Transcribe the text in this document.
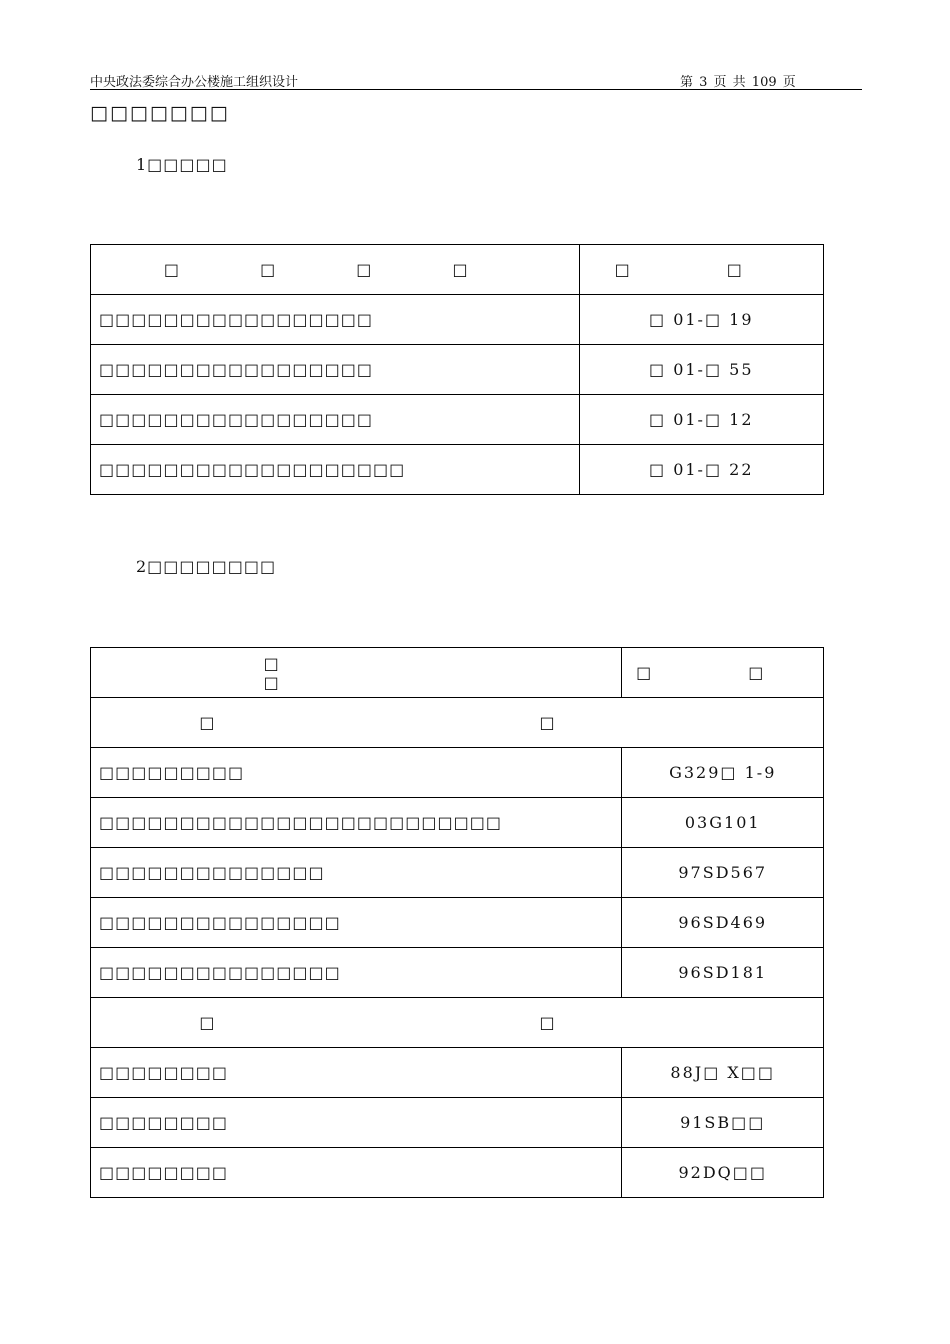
中央政法委综合办公楼施工组织设计	第 3 页 共 109 页
□□□□□□□
1□□□□□
□ □ □ □	□ □
□□□□□□□□□□□□□□□□□	□ 01-□ 19
□□□□□□□□□□□□□□□□□	□ 01-□ 55
□□□□□□□□□□□□□□□□□	□ 01-□ 12
□□□□□□□□□□□□□□□□□□□	□ 01-□ 22
2□□□□□□□□
□ □	□ □
□ □	
□□□□□□□□□	G329□ 1-9
□□□□□□□□□□□□□□□□□□□□□□□□□	03G101
□□□□□□□□□□□□□□	97SD567
□□□□□□□□□□□□□□□	96SD469
□□□□□□□□□□□□□□□	96SD181
□ □	
□□□□□□□□	88J□ X□□
□□□□□□□□	91SB□□
□□□□□□□□	92DQ□□
